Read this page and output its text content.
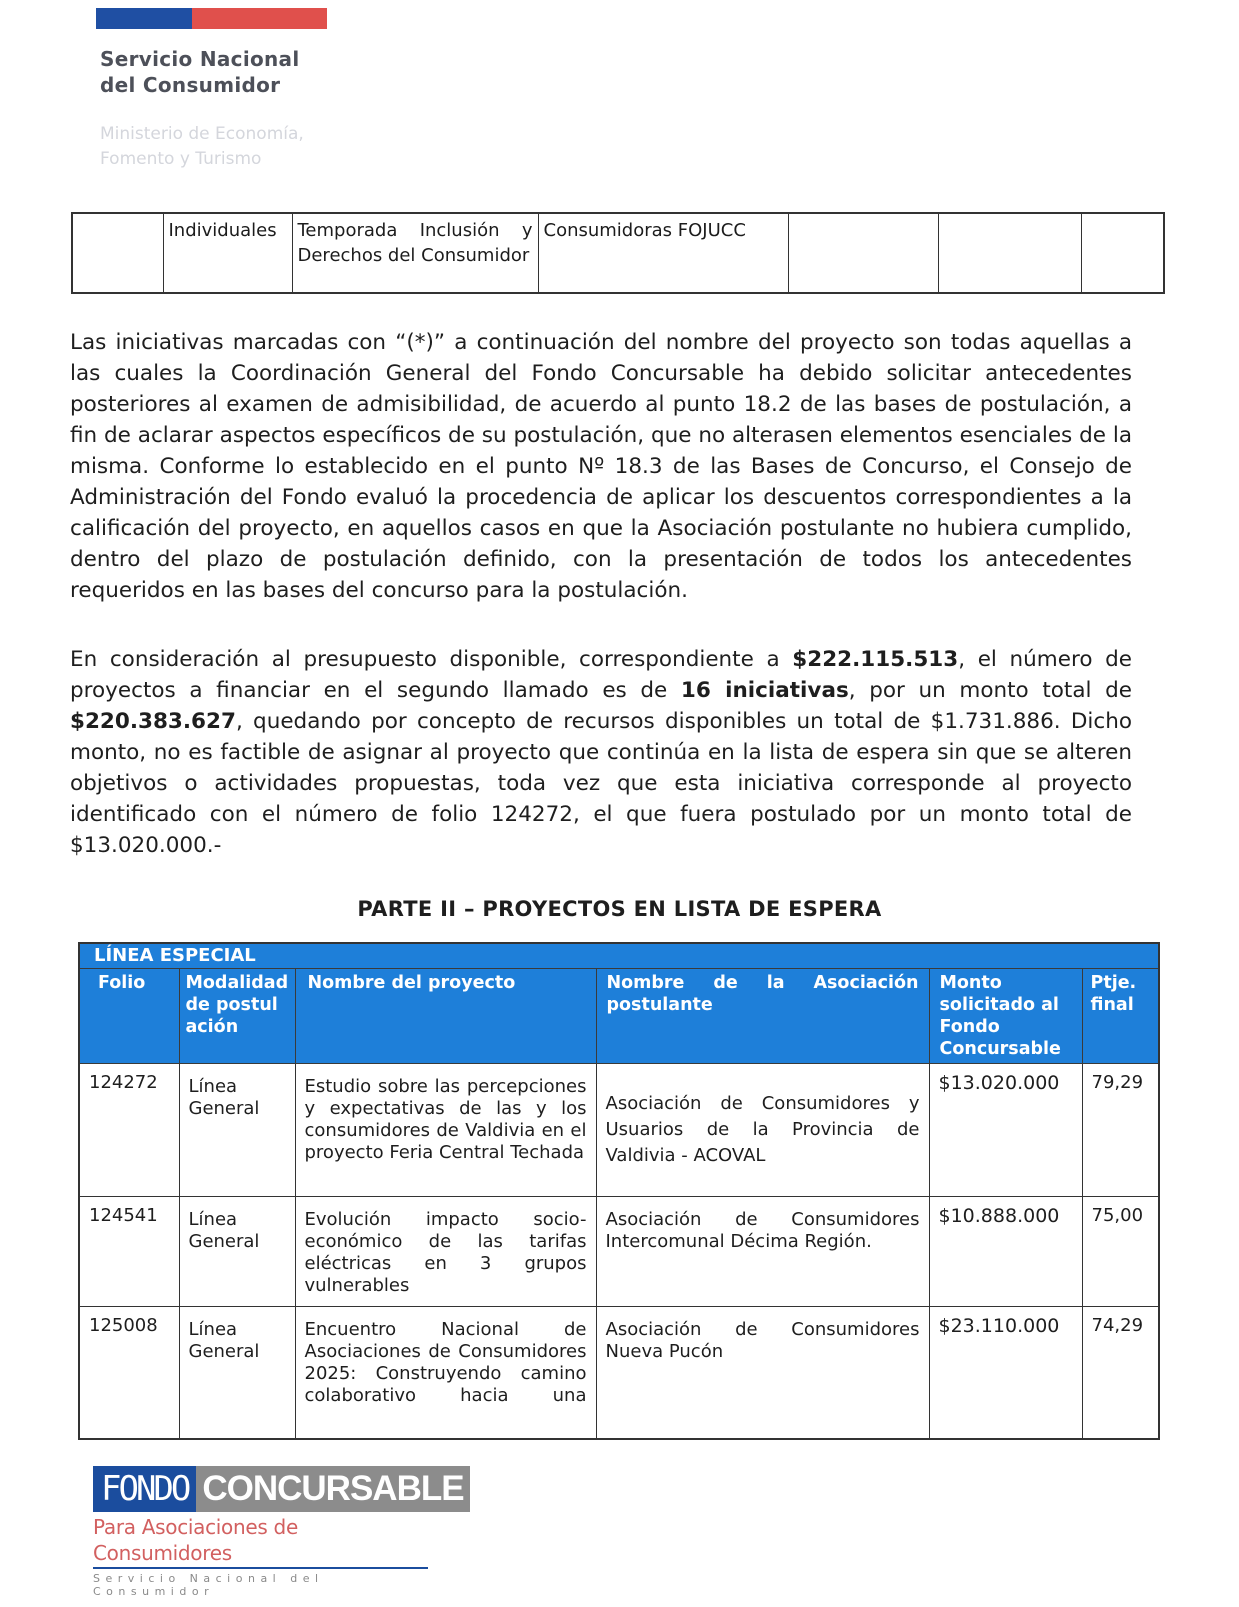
Servicio Nacional
del Consumidor
Ministerio de Economía,
Fomento y Turismo
	Individuales	Temporada Inclusión y Derechos del Consumidor	Consumidoras FOJUCC			
Las iniciativas marcadas con “(*)” a continuación del nombre del proyecto son todas aquellas a las cuales la Coordinación General del Fondo Concursable ha debido solicitar antecedentes posteriores al examen de admisibilidad, de acuerdo al punto 18.2 de las bases de postulación, a fin de aclarar aspectos específicos de su postulación, que no alterasen elementos esenciales de la misma. Conforme lo establecido en el punto Nº 18.3 de las Bases de Concurso, el Consejo de Administración del Fondo evaluó la procedencia de aplicar los descuentos correspondientes a la calificación del proyecto, en aquellos casos en que la Asociación postulante no hubiera cumplido, dentro del plazo de postulación definido, con la presentación de todos los antecedentes requeridos en las bases del concurso para la postulación.
En consideración al presupuesto disponible, correspondiente a $222.115.513, el número de proyectos a financiar en el segundo llamado es de 16 iniciativas, por un monto total de $220.383.627, quedando por concepto de recursos disponibles un total de $1.731.886. Dicho monto, no es factible de asignar al proyecto que continúa en la lista de espera sin que se alteren objetivos o actividades propuestas, toda vez que esta iniciativa corresponde al proyecto identificado con el número de folio 124272, el que fuera postulado por un monto total de $13.020.000.-
PARTE II – PROYECTOS EN LISTA DE ESPERA
LÍNEA ESPECIAL					
Folio	Modalidad de postulación	Nombre del proyecto	Nombre de la Asociación postulante	Monto solicitado al Fondo Concursable	Ptje. final
124272	Línea General	Estudio sobre las percepciones y expectativas de las y los consumidores de Valdivia en el proyecto Feria Central Techada	Asociación de Consumidores y Usuarios de la Provincia de Valdivia - ACOVAL	$13.020.000	79,29
124541	Línea General	Evolución impacto socio-económico de las tarifas eléctricas en 3 grupos vulnerables	Asociación de Consumidores Intercomunal Décima Región.	$10.888.000	75,00
125008	Línea General	Encuentro Nacional de Asociaciones de Consumidores 2025: Construyendo camino colaborativo hacia una	Asociación de Consumidores Nueva Pucón	$23.110.000	74,29
FONDO CONCURSABLE
Para Asociaciones de Consumidores
Servicio Nacional del Consumidor
